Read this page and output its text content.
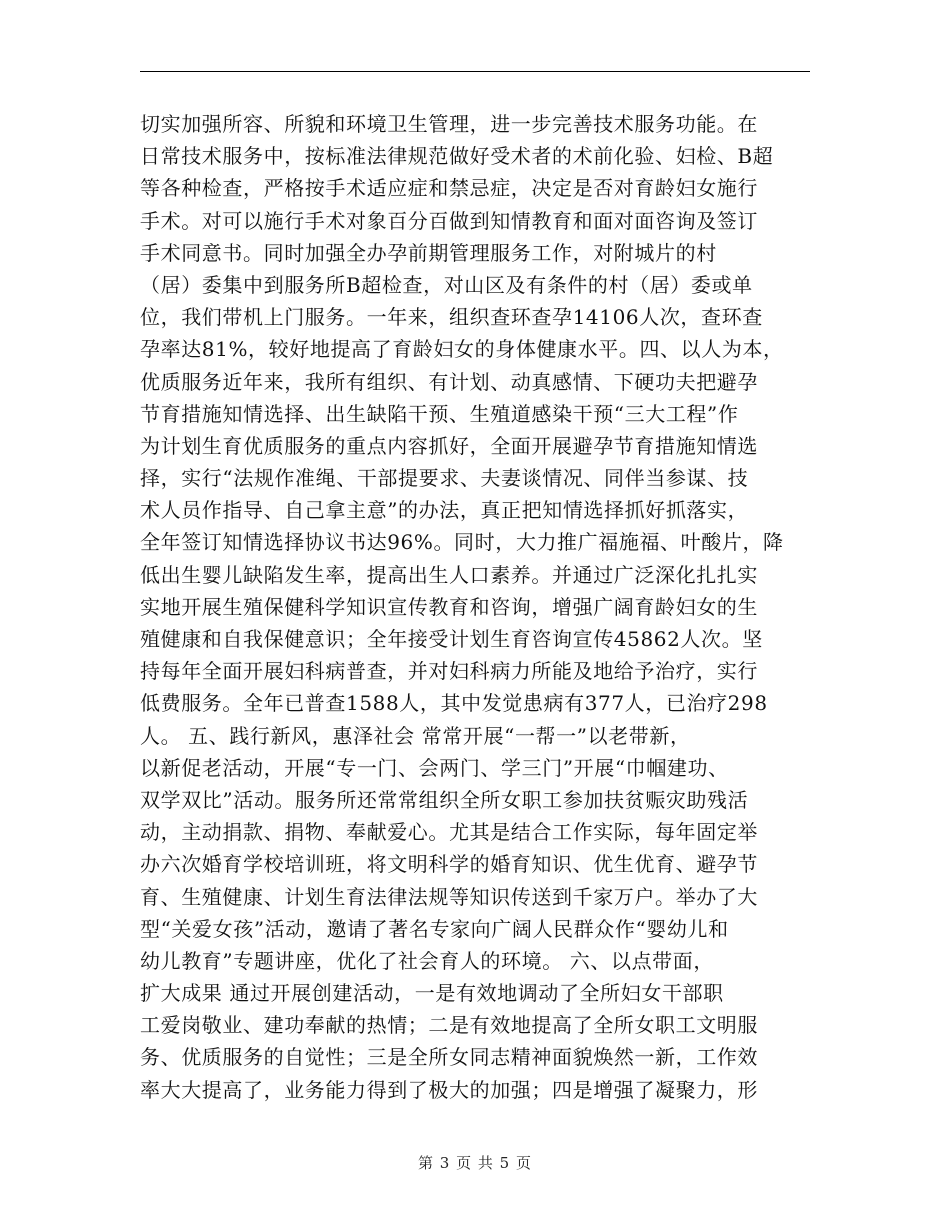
切实加强所容、所貌和环境卫生管理，进一步完善技术服务功能。在
日常技术服务中，按标准法律规范做好受术者的术前化验、妇检、B超
等各种检查，严格按手术适应症和禁忌症，决定是否对育龄妇女施行
手术。对可以施行手术对象百分百做到知情教育和面对面咨询及签订
手术同意书。同时加强全办孕前期管理服务工作，对附城片的村
（居）委集中到服务所B超检查，对山区及有条件的村（居）委或单
位，我们带机上门服务。一年来，组织查环查孕14106人次，查环查
孕率达81%，较好地提高了育龄妇女的身体健康水平。四、以人为本，
优质服务近年来，我所有组织、有计划、动真感情、下硬功夫把避孕
节育措施知情选择、出生缺陷干预、生殖道感染干预“三大工程”作
为计划生育优质服务的重点内容抓好，全面开展避孕节育措施知情选
择，实行“法规作准绳、干部提要求、夫妻谈情况、同伴当参谋、技
术人员作指导、自己拿主意”的办法，真正把知情选择抓好抓落实，
全年签订知情选择协议书达96%。同时，大力推广福施福、叶酸片，降
低出生婴儿缺陷发生率，提高出生人口素养。并通过广泛深化扎扎实
实地开展生殖保健科学知识宣传教育和咨询，增强广阔育龄妇女的生
殖健康和自我保健意识；全年接受计划生育咨询宣传45862人次。坚
持每年全面开展妇科病普查，并对妇科病力所能及地给予治疗，实行
低费服务。全年已普查1588人，其中发觉患病有377人，已治疗298
人。 五、践行新风，惠泽社会 常常开展“一帮一”以老带新，
以新促老活动，开展“专一门、会两门、学三门”开展“巾帼建功、
双学双比”活动。服务所还常常组织全所女职工参加扶贫赈灾助残活
动，主动捐款、捐物、奉献爱心。尤其是结合工作实际，每年固定举
办六次婚育学校培训班，将文明科学的婚育知识、优生优育、避孕节
育、生殖健康、计划生育法律法规等知识传送到千家万户。举办了大
型“关爱女孩”活动，邀请了著名专家向广阔人民群众作“婴幼儿和
幼儿教育”专题讲座，优化了社会育人的环境。 六、以点带面，
扩大成果 通过开展创建活动，一是有效地调动了全所妇女干部职
工爱岗敬业、建功奉献的热情；二是有效地提高了全所女职工文明服
务、优质服务的自觉性；三是全所女同志精神面貌焕然一新，工作效
率大大提高了，业务能力得到了极大的加强；四是增强了凝聚力，形
第 3 页 共 5 页
